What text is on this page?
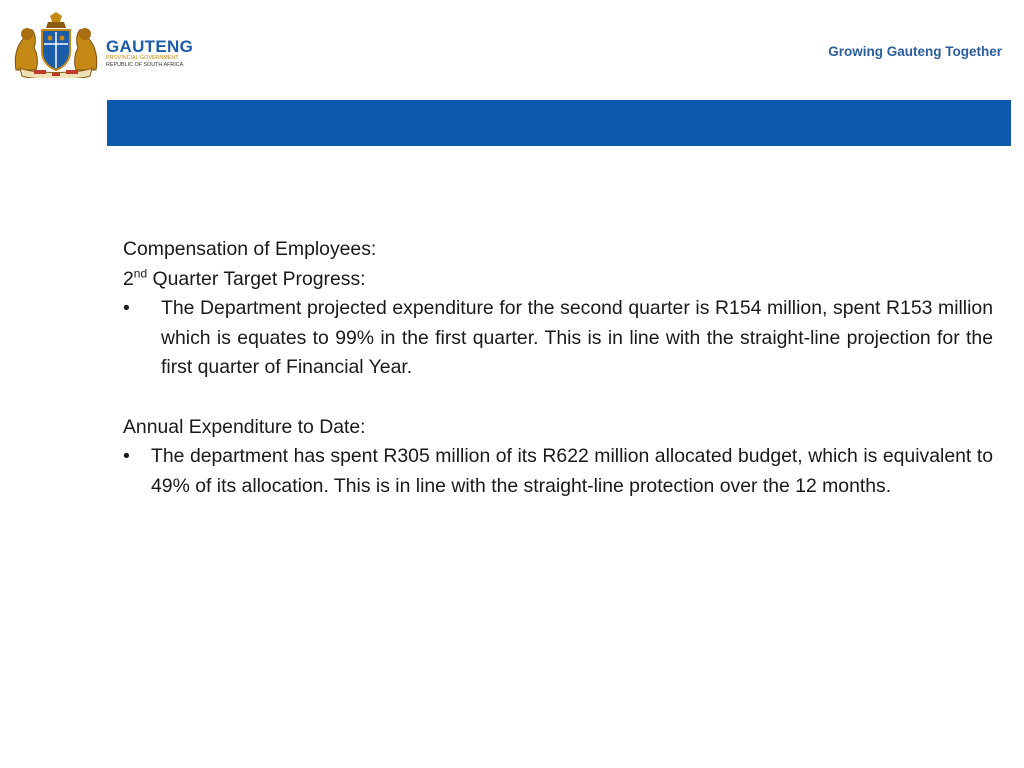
GAUTENG
PROVINCIAL GOVERNMENT
REPUBLIC OF SOUTH AFRICA
Growing Gauteng Together
Compensation of Employees:
2nd Quarter Target Progress:
• The Department projected expenditure for the second quarter is R154 million, spent R153 million which is equates to 99% in the first quarter. This is in line with the straight-line projection for the first quarter of Financial Year.
Annual Expenditure to Date:
• The department has spent R305 million of its R622 million allocated budget, which is equivalent to 49% of its allocation. This is in line with the straight-line protection over the 12 months.
